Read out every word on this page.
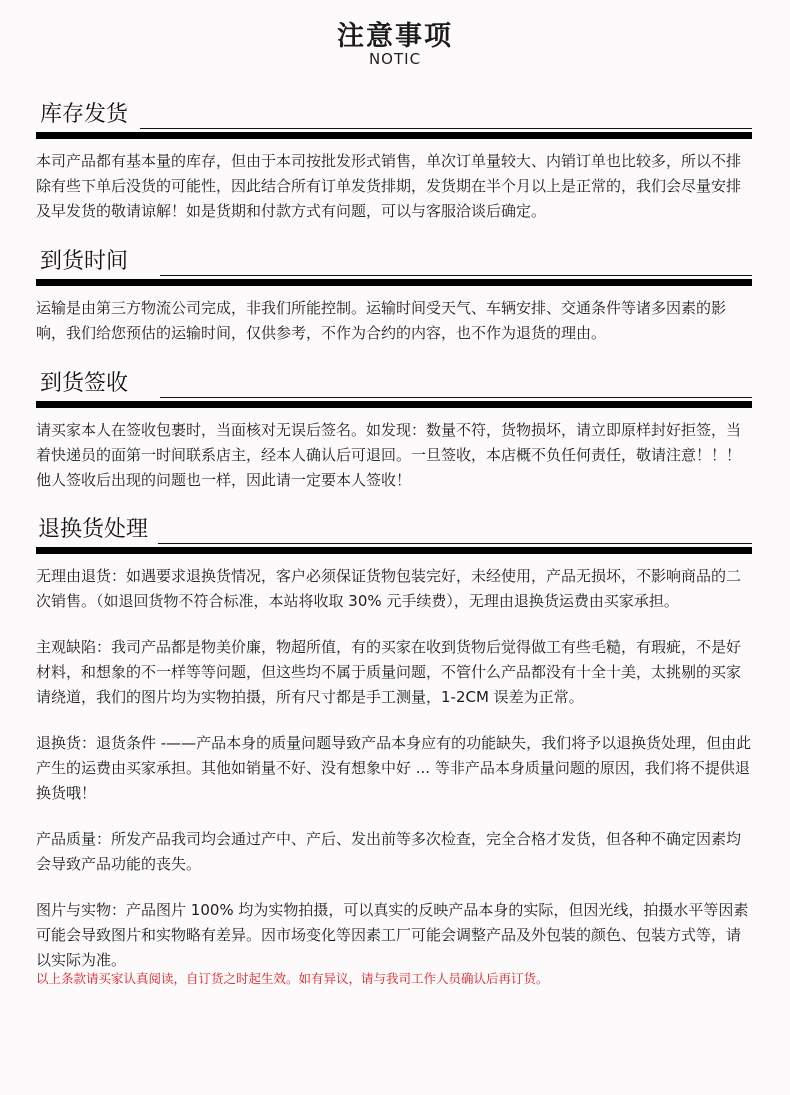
注意事项
NOTIC
库存发货

本司产品都有基本量的库存，但由于本司按批发形式销售，单次订单量较大、内销订单也比较多，所以不排除有些下单后没货的可能性，因此结合所有订单发货排期，发货期在半个月以上是正常的，我们会尽量安排及早发货的敬请谅解！如是货期和付款方式有问题，可以与客服洽谈后确定。

到货时间

运输是由第三方物流公司完成，非我们所能控制。运输时间受天气、车辆安排、交通条件等诸多因素的影响，我们给您预估的运输时间，仅供参考，不作为合约的内容，也不作为退货的理由。

到货签收

请买家本人在签收包裹时，当面核对无误后签名。如发现：数量不符，货物损坏，请立即原样封好拒签，当着快递员的面第一时间联系店主，经本人确认后可退回。一旦签收，本店概不负任何责任，敬请注意！！！他人签收后出现的问题也一样，因此请一定要本人签收！

退换货处理

无理由退货：如遇要求退换货情况，客户必须保证货物包装完好，未经使用，产品无损坏，不影响商品的二次销售。（如退回货物不符合标准，本站将收取 30% 元手续费），无理由退换货运费由买家承担。

主观缺陷：我司产品都是物美价廉，物超所值，有的买家在收到货物后觉得做工有些毛糙，有瑕疵，不是好材料，和想象的不一样等等问题，但这些均不属于质量问题，不管什么产品都没有十全十美，太挑剔的买家请绕道，我们的图片均为实物拍摄，所有尺寸都是手工测量，1-2CM 误差为正常。

退换货：退货条件 -——产品本身的质量问题导致产品本身应有的功能缺失，我们将予以退换货处理，但由此产生的运费由买家承担。其他如销量不好、没有想象中好 ... 等非产品本身质量问题的原因，我们将不提供退换货哦！

产品质量：所发产品我司均会通过产中、产后、发出前等多次检查，完全合格才发货，但各种不确定因素均会导致产品功能的丧失。

图片与实物：产品图片 100% 均为实物拍摄，可以真实的反映产品本身的实际，但因光线，拍摄水平等因素可能会导致图片和实物略有差异。因市场变化等因素工厂可能会调整产品及外包装的颜色、包装方式等，请以实际为准。

以上条款请买家认真阅读，自订货之时起生效。如有异议，请与我司工作人员确认后再订货。
